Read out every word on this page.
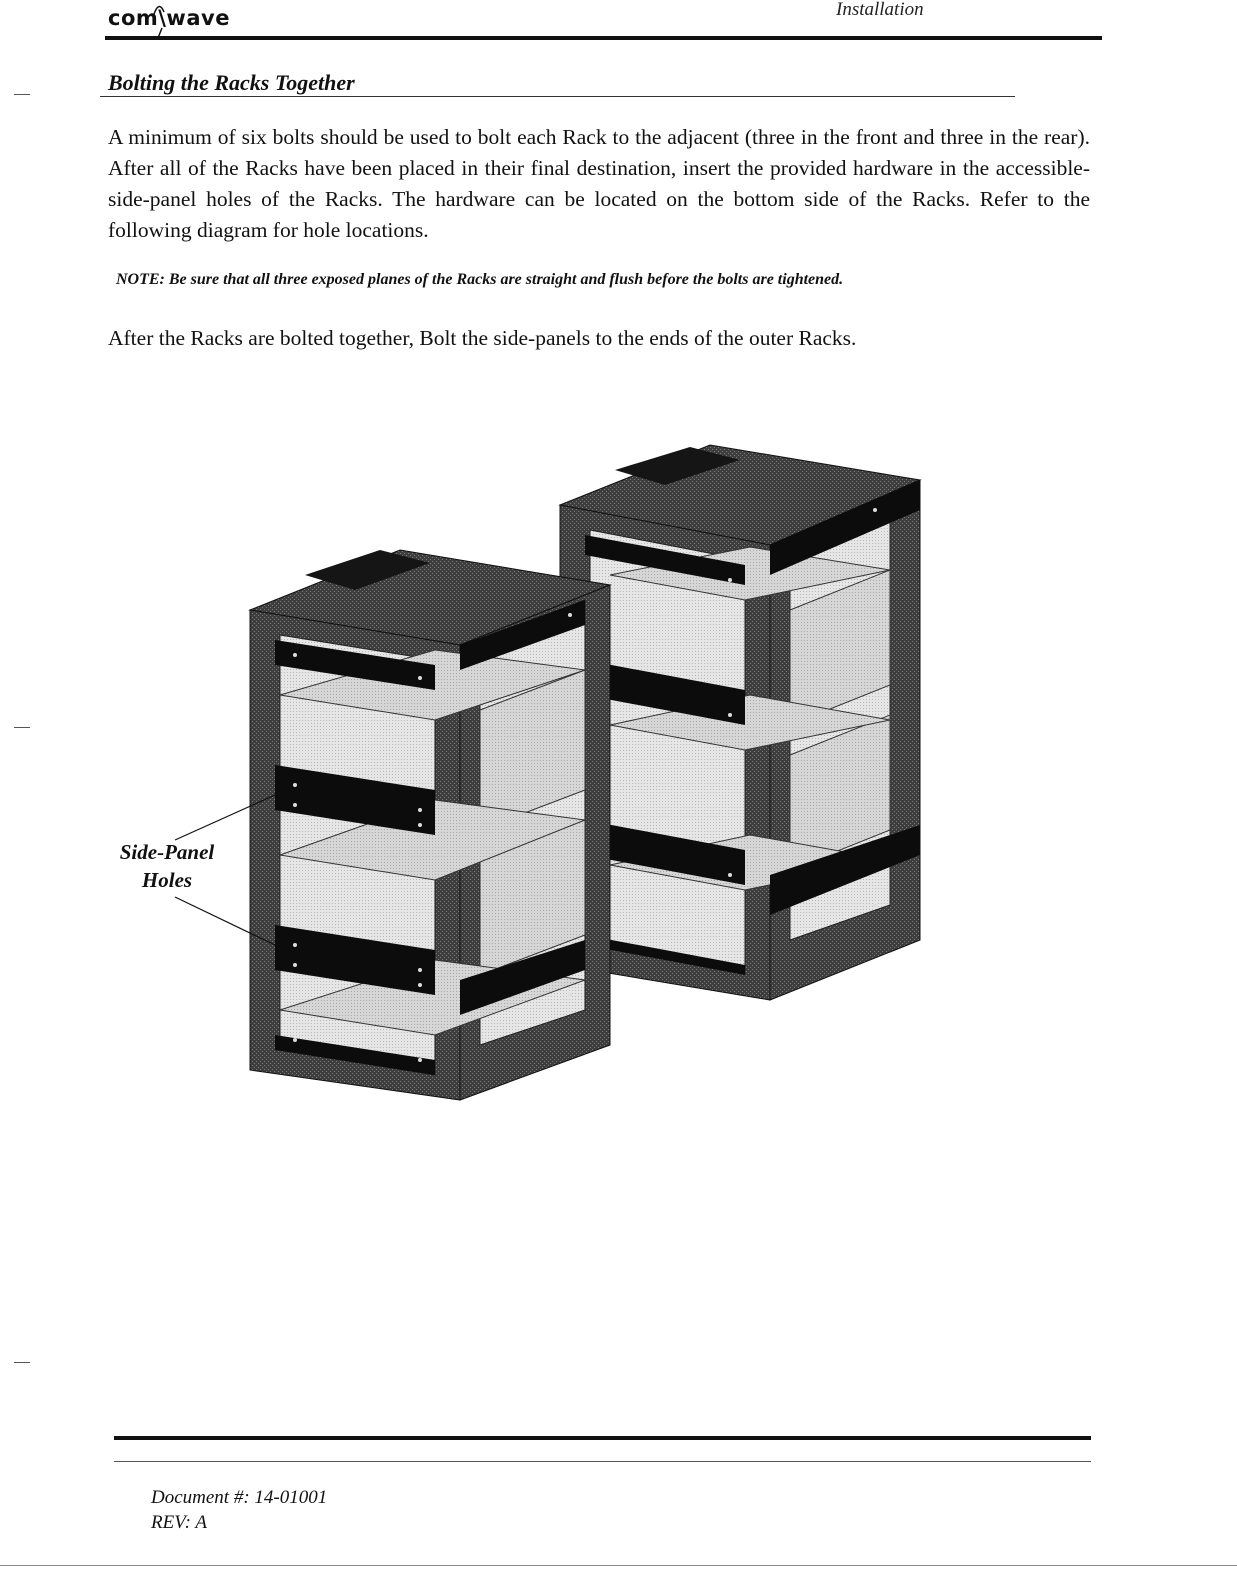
com\wave	Installation
Bolting the Racks Together
A minimum of six bolts should be used to bolt each Rack to the adjacent (three in the front and three in the rear). After all of the Racks have been placed in their final destination, insert the provided hardware in the accessible-side-panel holes of the Racks. The hardware can be located on the bottom side of the Racks. Refer to the following diagram for hole locations.
NOTE: Be sure that all three exposed planes of the Racks are straight and flush before the bolts are tightened.
After the Racks are bolted together, Bolt the side-panels to the ends of the outer Racks.
Side-Panel
Holes
Document #: 14-01001
REV: A
